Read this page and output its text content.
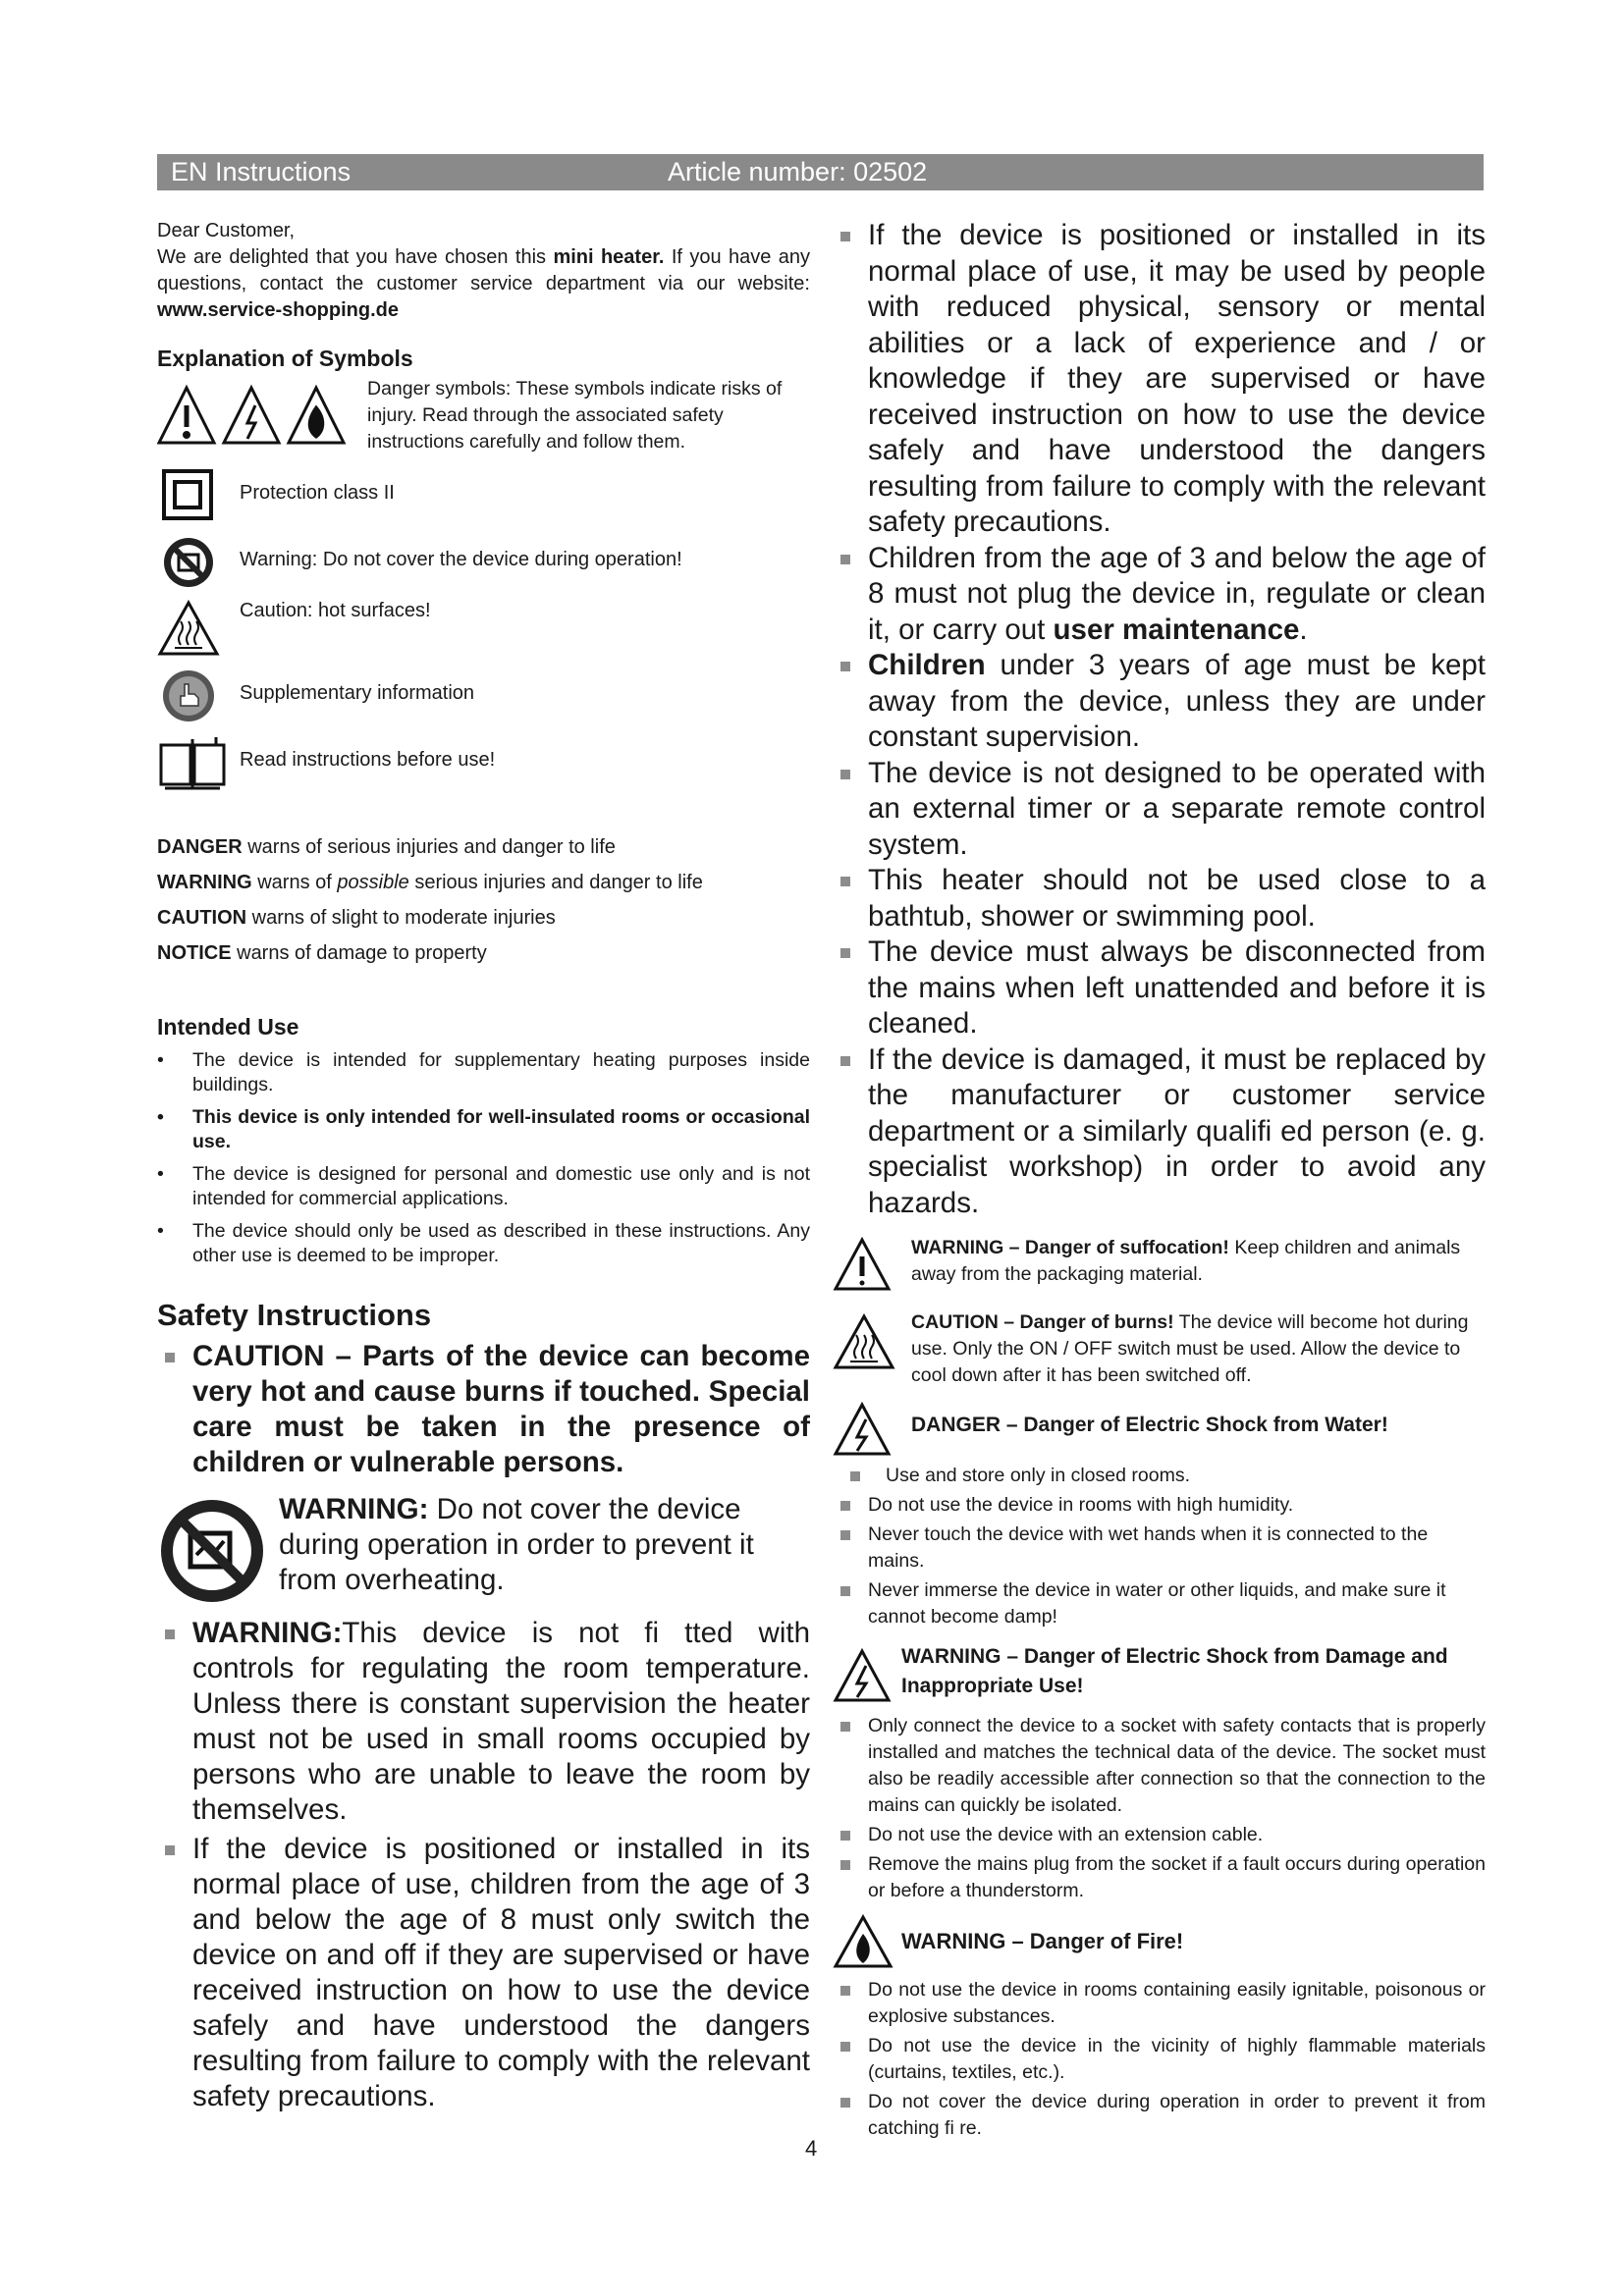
EN Instructions	Article number: 02502

Dear Customer,

We are delighted that you have chosen this mini heater. If you have any questions, contact the customer service department via our website: www.service-shopping.de

Explanation of Symbols

Danger symbols: These symbols indicate risks of injury. Read through the associated safety instructions carefully and follow them.

Protection class II
Warning: Do not cover the device during operation!
Caution: hot surfaces!
Supplementary information
Read instructions before use!

DANGER warns of serious injuries and danger to life

WARNING warns of possible serious injuries and danger to life

CAUTION warns of slight to moderate injuries

NOTICE warns of damage to property

Intended Use

• The device is intended for supplementary heating purposes inside buildings.
• This device is only intended for well-insulated rooms or occasional use.
• The device is designed for personal and domestic use only and is not intended for commercial applications.
• The device should only be used as described in these instructions. Any other use is deemed to be improper.

Safety Instructions

CAUTION – Parts of the device can become very hot and cause burns if touched. Special care must be taken in the presence of children or vulnerable persons.

WARNING: Do not cover the device during operation in order to prevent it from overheating.

WARNING:This device is not fi tted with controls for regulating the room temperature. Unless there is constant supervision the heater must not be used in small rooms occupied by persons who are unable to leave the room by themselves.
If the device is positioned or installed in its normal place of use, children from the age of 3 and below the age of 8 must only switch the device on and off if they are supervised or have received instruction on how to use the device safely and have understood the dangers resulting from failure to comply with the relevant safety precautions.
If the device is positioned or installed in its normal place of use, it may be used by people with reduced physical, sensory or mental abilities or a lack of experience and / or knowledge if they are supervised or have received instruction on how to use the device safely and have understood the dangers resulting from failure to comply with the relevant safety precautions.
Children from the age of 3 and below the age of 8 must not plug the device in, regulate or clean it, or carry out user maintenance.
Children under 3 years of age must be kept away from the device, unless they are under constant supervision.
The device is not designed to be operated with an external timer or a separate remote control system.
This heater should not be used close to a bathtub, shower or swimming pool.
The device must always be disconnected from the mains when left unattended and before it is cleaned.
If the device is damaged, it must be replaced by the manufacturer or customer service department or a similarly qualifi ed person (e. g. specialist workshop) in order to avoid any hazards.

WARNING – Danger of suffocation! Keep children and animals away from the packaging material.

CAUTION – Danger of burns! The device will become hot during use. Only the ON / OFF switch must be used. Allow the device to cool down after it has been switched off.

DANGER – Danger of Electric Shock from Water!

Use and store only in closed rooms.
Do not use the device in rooms with high humidity.
Never touch the device with wet hands when it is connected to the mains.
Never immerse the device in water or other liquids, and make sure it cannot become damp!

WARNING – Danger of Electric Shock from Damage and Inappropriate Use!

Only connect the device to a socket with safety contacts that is properly installed and matches the technical data of the device. The socket must also be readily accessible after connection so that the connection to the mains can quickly be isolated.
Do not use the device with an extension cable.
Remove the mains plug from the socket if a fault occurs during operation or before a thunderstorm.

WARNING – Danger of Fire!

Do not use the device in rooms containing easily ignitable, poisonous or explosive substances.
Do not use the device in the vicinity of highly flammable materials (curtains, textiles, etc.).
Do not cover the device during operation in order to prevent it from catching fi re.
4
